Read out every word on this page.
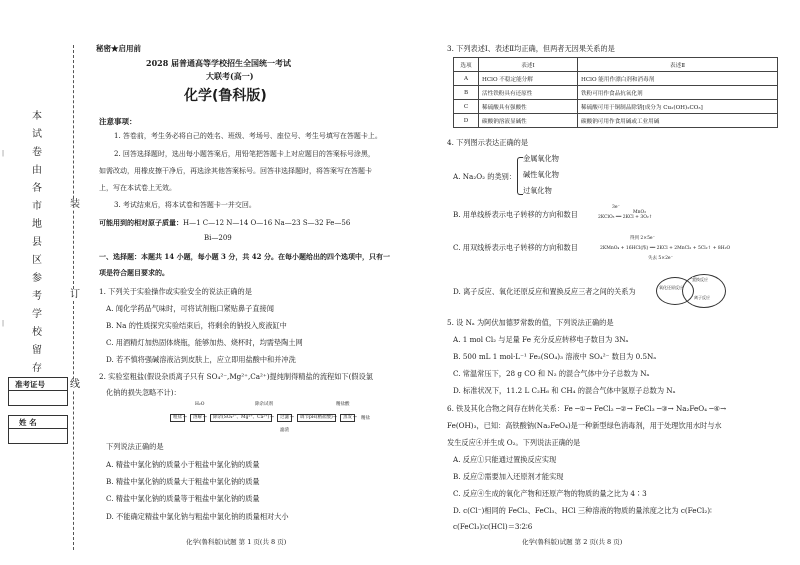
本
试
卷
由
各
市
地
县
区
参
考
学
校
留
存
装
订
线
|
|
准考证号
姓 名
秘密★启用前
2028 届普通高等学校招生全国统一考试
大联考(高一)
化学(鲁科版)
注意事项：
1. 答卷前，考生务必将自己的姓名、班级、考场号、座位号、考生号填写在答题卡上。
2. 回答选择题时，选出每小题答案后，用铅笔把答题卡上对应题目的答案标号涂黑，
如需改动，用橡皮擦干净后，再选涂其他答案标号。回答非选择题时，将答案写在答题卡
上，写在本试卷上无效。
3. 考试结束后，将本试卷和答题卡一并交回。
可能用到的相对原子质量：H—1 C—12 N—14 O—16 Na—23 S—32 Fe—56
Bi—209
一、选择题：本题共 14 小题，每小题 3 分，共 42 分。在每小题给出的四个选项中，只有一
项是符合题目要求的。
1. 下列关于实验操作或实验安全的说法正确的是
A. 闻化学药品气味时，可将试剂瓶口紧贴鼻子直接闻
B. Na 的性质探究实验结束后，将剩余的钠投入废液缸中
C. 用酒精灯加热固体烧瓶，能够加热、烧杯时，均需垫陶土网
D. 若不慎将强碱溶液沾到皮肤上，应立即用盐酸中和并冲洗
2. 实验室粗盐(假设杂质离子只有 SO₄²⁻,Mg²⁺,Ca²⁺)提纯制得精盐的流程如下(假设氯
化钠的损失忽略不计)：
H₂O	除杂试剂	精盐酸
粗盐 →	溶解 →	除杂(SO₄²⁻、Mg²⁺、Ca²⁺) →	过滤 →	调节pH(精盐酸) →	蒸发 → 精盐
滤渣
下列说法正确的是
A. 精盐中氯化钠的质量小于粗盐中氯化钠的质量
B. 精盐中氯化钠的质量大于粗盐中氯化钠的质量
C. 精盐中氯化钠的质量等于粗盐中氯化钠的质量
D. 不能确定精盐中氯化钠与粗盐中氯化钠的质量相对大小
化学(鲁科版)试题 第 1 页(共 8 页)
3. 下列表述Ⅰ、表述Ⅱ均正确，但两者无因果关系的是
选项	表述Ⅰ	表述Ⅱ
A	HClO 不稳定能分解	HClO 能用作漂白剂和消毒剂
B	活性铁粉具有还原性	铁粉可用作食品抗氧化剂
C	稀硫酸具有强酸性	稀硫酸可用于铜制品除锈[成分为 Cu₂(OH)₂CO₃]
D	碳酸钠溶液显碱性	碳酸钠可用作食用碱或工业用碱
4. 下列图示表达正确的是
A. Na₂O₂ 的类别：
金属氧化物
碱性氧化物
过氧化物
B. 用单线桥表示电子转移的方向和数目
3e⁻
MnO₂
2KClO₃ ══ 2KCl + 3O₂↑
C. 用双线桥表示电子转移的方向和数目
得到 2×5e⁻
2KMnO₄ + 16HCl(浓) ══ 2KCl + 2MnCl₂ + 5Cl₂↑ + 8H₂O
失去 5×2e⁻
D. 离子反应、氧化还原反应和置换反应三者之间的关系为
置换反应
氧化还原反应
离子反应
5. 设 Nₐ 为阿伏加德罗常数的值，下列说法正确的是
A. 1 mol Cl₂ 与足量 Fe 充分反应转移电子数目为 3Nₐ
B. 500 mL 1 mol·L⁻¹ Fe₂(SO₄)₃ 溶液中 SO₄²⁻ 数目为 0.5Nₐ
C. 常温常压下，28 g CO 和 N₂ 的混合气体中分子总数为 Nₐ
D. 标准状况下，11.2 L C₂H₆ 和 CH₄ 的混合气体中氢原子总数为 Nₐ
6. 铁及其化合物之间存在转化关系：Fe ─①→ FeCl₂ ─②→ FeCl₃ ─③→ Na₂FeO₄ ─④→
Fe(OH)₃，已知：高铁酸钠(Na₂FeO₄)是一种新型绿色消毒剂，用于处理饮用水时与水
发生反应④并生成 O₂。下列说法正确的是
A. 反应①只能通过置换反应实现
B. 反应②需要加入还原剂才能实现
C. 反应④生成的氧化产物和还原产物的物质的量之比为 4∶3
D. c(Cl⁻)相同的 FeCl₂、FeCl₃、HCl 三种溶液的物质的量浓度之比为 c(FeCl₂)∶
c(FeCl₃)∶c(HCl)＝3∶2∶6
化学(鲁科版)试题 第 2 页(共 8 页)
